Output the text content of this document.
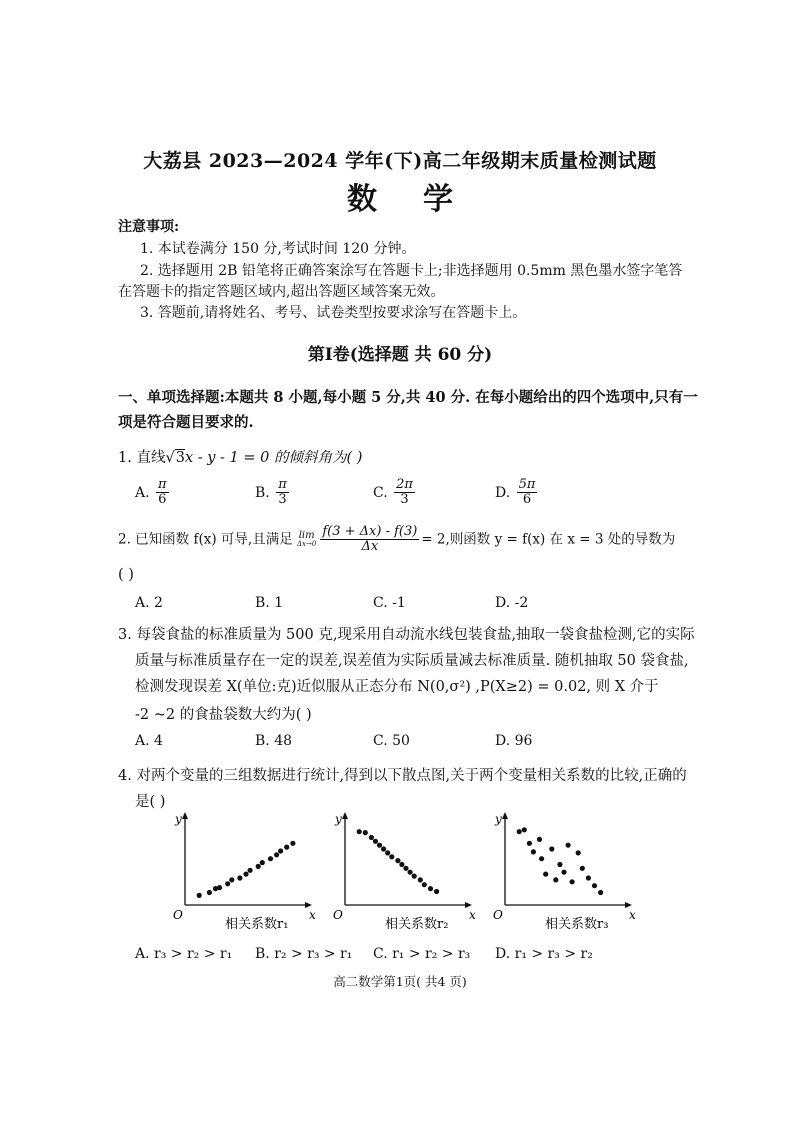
大荔县 2023—2024 学年(下)高二年级期末质量检测试题
数学
注意事项:
1. 本试卷满分 150 分,考试时间 120 分钟。
2. 选择题用 2B 铅笔将正确答案涂写在答题卡上;非选择题用 0.5mm 黑色墨水签字笔答
在答题卡的指定答题区域内,超出答题区域答案无效。
3. 答题前,请将姓名、考号、试卷类型按要求涂写在答题卡上。
第Ⅰ卷(选择题 共 60 分)
一、单项选择题:本题共 8 小题,每小题 5 分,共 40 分. 在每小题给出的四个选项中,只有一
项是符合题目要求的.
1. 直线√3x - y - 1 = 0 的倾斜角为( )
A. $\frac{\pi}{6}$	B. $\frac{\pi}{3}$	C. $\frac{2\pi}{3}$	D. $\frac{5\pi}{6}$
2. 已知函数 f(x) 可导,且满足 lim
$\Delta x\to 0 \frac{f(3 + \Delta x) - f(3)}{\Delta x} = 2$,则函数 y = f(x) 在 x = 3 处的导数为
( )
A. 2	B. 1	C. -1	D. -2
3. 每袋食盐的标准质量为 500 克,现采用自动流水线包装食盐,抽取一袋食盐检测,它的实际
质量与标准质量存在一定的误差,误差值为实际质量减去标准质量. 随机抽取 50 袋食盐,
检测发现误差 X(单位:克)近似服从正态分布 N(0,σ²) ,P(X≥2) = 0.02, 则 X 介于
-2 ~2 的食盐袋数大约为( )
A. 4	B. 48	C. 50	D. 96
4. 对两个变量的三组数据进行统计,得到以下散点图,关于两个变量相关系数的比较,正确的
是( )
y
x
O
相关系数r₁
y
x
O
相关系数r₂
y
x
O
相关系数r₃
A. r₃ > r₂ > r₁ B. r₂ > r₃ > r₁ C. r₁ > r₂ > r₃ D. r₁ > r₃ > r₂
高二数学第1页( 共4 页)
